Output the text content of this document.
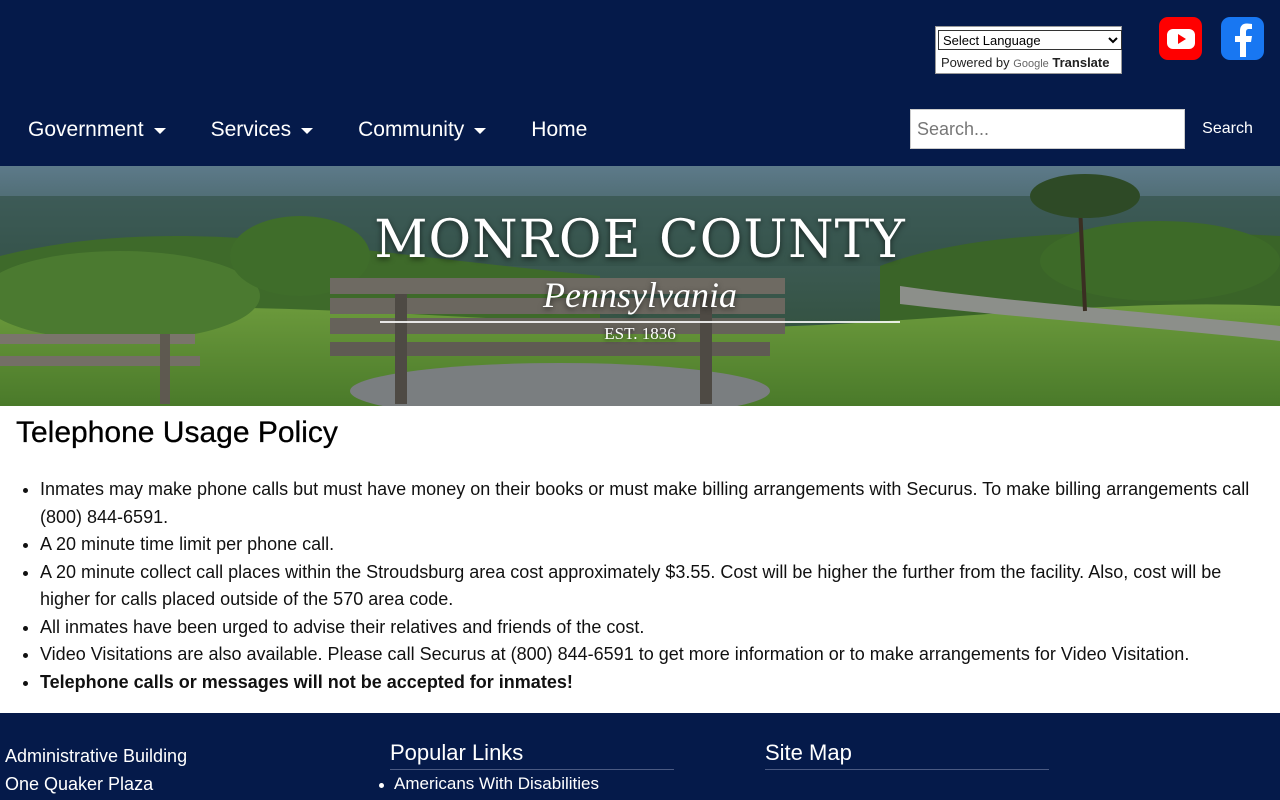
Select Language
Powered by Google Translate
Government	Services	Community	Home
Search...	Search
MONROE COUNTY
Pennsylvania
EST. 1836
Telephone Usage Policy
• Inmates may make phone calls but must have money on their books or must make billing arrangements with Securus. To make billing arrangements call (800) 844-6591.
• A 20 minute time limit per phone call.
• A 20 minute collect call places within the Stroudsburg area cost approximately $3.55. Cost will be higher the further from the facility. Also, cost will be higher for calls placed outside of the 570 area code.
• All inmates have been urged to advise their relatives and friends of the cost.
• Video Visitations are also available. Please call Securus at (800) 844-6591 to get more information or to make arrangements for Video Visitation.
• Telephone calls or messages will not be accepted for inmates!
Administrative Building
One Quaker Plaza
Popular Links
Americans With Disabilities
Site Map
